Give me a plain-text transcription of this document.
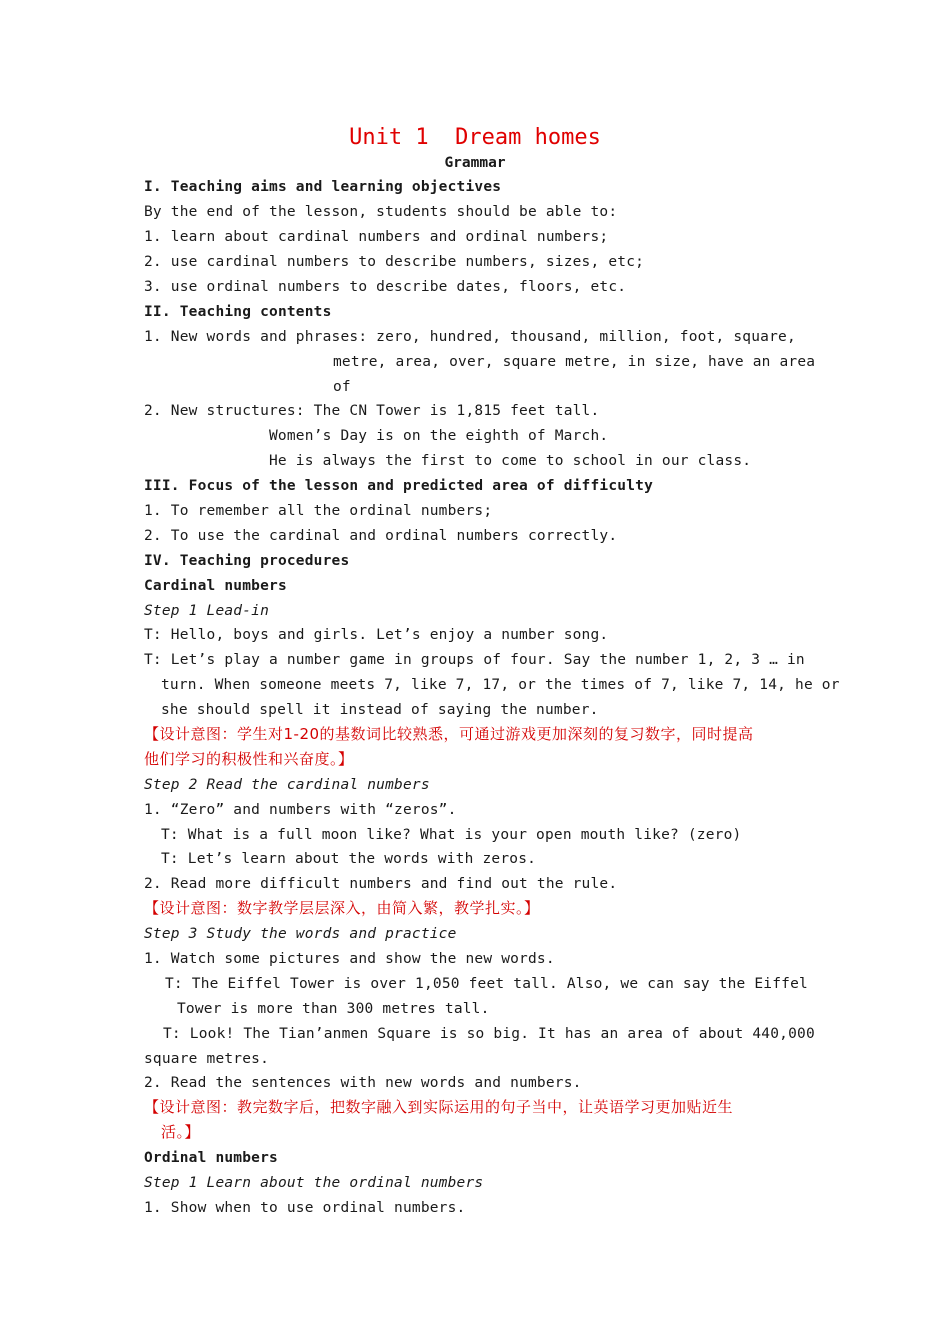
Unit 1  Dream homes
Grammar
I. Teaching aims and learning objectives
By the end of the lesson, students should be able to:
1. learn about cardinal numbers and ordinal numbers;
2. use cardinal numbers to describe numbers, sizes, etc;
3. use ordinal numbers to describe dates, floors, etc.
II. Teaching contents
1. New words and phrases: zero, hundred, thousand, million, foot, square,
metre, area, over, square metre, in size, have an area
of
2. New structures: The CN Tower is 1,815 feet tall.
Women’s Day is on the eighth of March.
He is always the first to come to school in our class.
III. Focus of the lesson and predicted area of difficulty
1. To remember all the ordinal numbers;
2. To use the cardinal and ordinal numbers correctly.
IV. Teaching procedures
Cardinal numbers
Step 1 Lead-in
T: Hello, boys and girls. Let’s enjoy a number song.
T: Let’s play a number game in groups of four. Say the number 1, 2, 3 … in
turn. When someone meets 7, like 7, 17, or the times of 7, like 7, 14, he or
she should spell it instead of saying the number.
【设计意图：学生对1-20的基数词比较熟悉，可通过游戏更加深刻的复习数字，同时提高
他们学习的积极性和兴奋度。】
Step 2 Read the cardinal numbers
1. “Zero” and numbers with “zeros”.
T: What is a full moon like? What is your open mouth like? (zero)
T: Let’s learn about the words with zeros.
2. Read more difficult numbers and find out the rule.
【设计意图：数字教学层层深入，由简入繁，教学扎实。】
Step 3 Study the words and practice
1. Watch some pictures and show the new words.
T: The Eiffel Tower is over 1,050 feet tall. Also, we can say the Eiffel
Tower is more than 300 metres tall.
T: Look! The Tian’anmen Square is so big. It has an area of about 440,000
square metres.
2. Read the sentences with new words and numbers.
【设计意图：教完数字后，把数字融入到实际运用的句子当中，让英语学习更加贴近生
活。】
Ordinal numbers
Step 1 Learn about the ordinal numbers
1. Show when to use ordinal numbers.
